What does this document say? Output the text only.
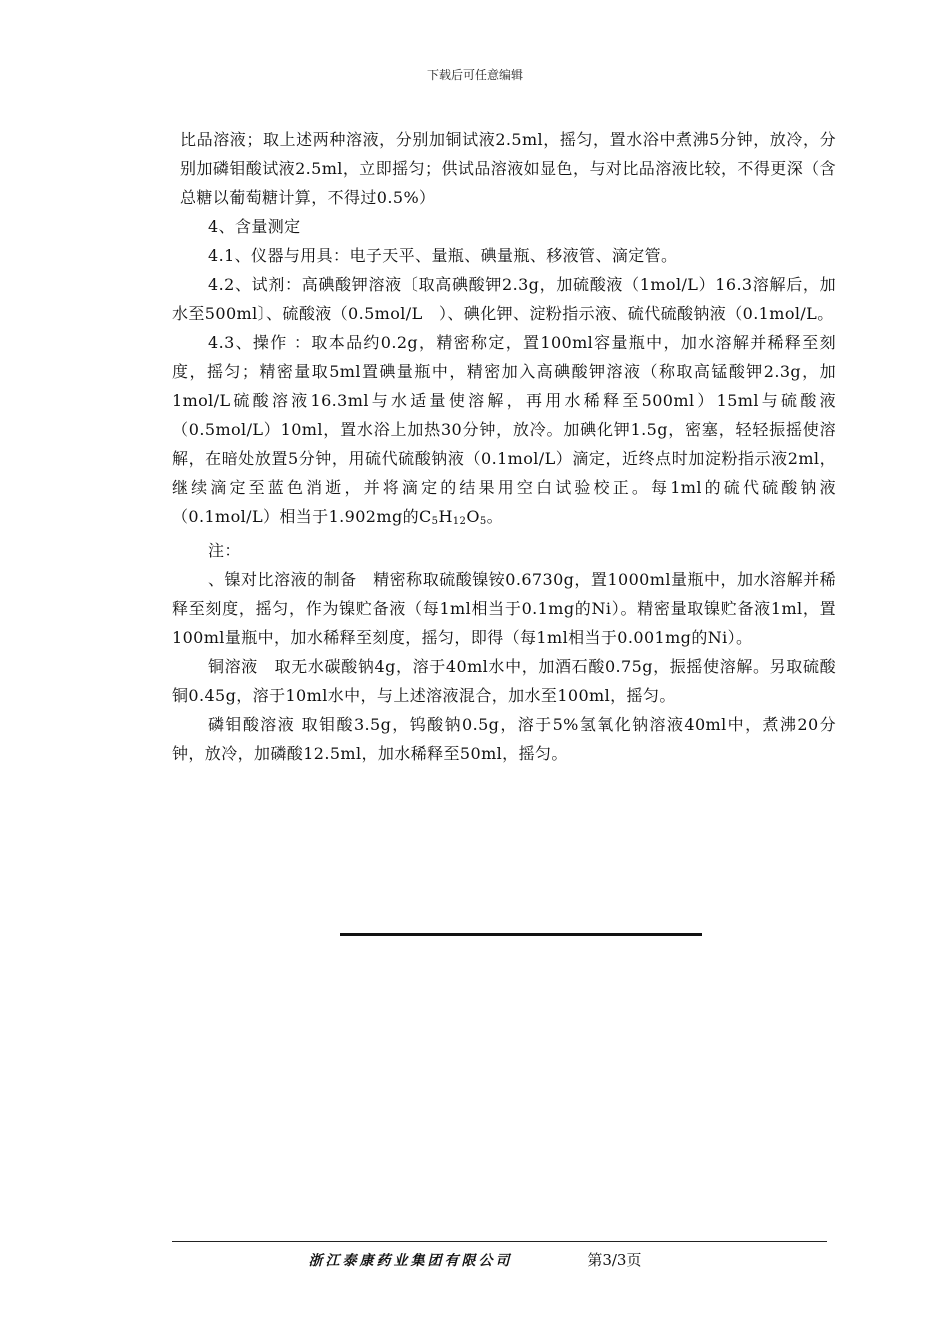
下载后可任意编辑

比品溶液；取上述两种溶液，分别加铜试液2.5ml，摇匀，置水浴中煮沸5分钟，放冷，分别加磷钼酸试液2.5ml，立即摇匀；供试品溶液如显色，与对比品溶液比较，不得更深（含总糖以葡萄糖计算，不得过0.5%）

4、含量测定

4.1、仪器与用具：电子天平、量瓶、碘量瓶、移液管、滴定管。

4.2、试剂：高碘酸钾溶液〔取高碘酸钾2.3g，加硫酸液（1mol/L）16.3溶解后，加水至500ml〕、硫酸液（0.5mol/L　）、碘化钾、淀粉指示液、硫代硫酸钠液（0.1mol/L。

4.3、操作 ：取本品约0.2g，精密称定，置100ml容量瓶中，加水溶解并稀释至刻度，摇匀；精密量取5ml置碘量瓶中，精密加入高碘酸钾溶液（称取高锰酸钾2.3g，加1mol/L硫酸溶液16.3ml与水适量使溶解，再用水稀释至500ml）15ml与硫酸液（0.5mol/L）10ml，置水浴上加热30分钟，放冷。加碘化钾1.5g，密塞，轻轻振摇使溶解，在暗处放置5分钟，用硫代硫酸钠液（0.1mol/L）滴定，近终点时加淀粉指示液2ml，继续滴定至蓝色消逝，并将滴定的结果用空白试验校正。每1ml的硫代硫酸钠液（0.1mol/L）相当于1.902mg的$C_5H_{12}O_5$。

注：

、镍对比溶液的制备　精密称取硫酸镍铵0.6730g，置1000ml量瓶中，加水溶解并稀释至刻度，摇匀，作为镍贮备液（每1ml相当于0.1mg的Ni）。精密量取镍贮备液1ml，置100ml量瓶中，加水稀释至刻度，摇匀，即得（每1ml相当于0.001mg的Ni）。

铜溶液　取无水碳酸钠4g，溶于40ml水中，加酒石酸0.75g，振摇使溶解。另取硫酸铜0.45g，溶于10ml水中，与上述溶液混合，加水至100ml，摇匀。

磷钼酸溶液 取钼酸3.5g，钨酸钠0.5g，溶于5%氢氧化钠溶液40ml中，煮沸20分钟，放冷，加磷酸12.5ml，加水稀释至50ml，摇匀。

浙江泰康药业集团有限公司	第3/3页
